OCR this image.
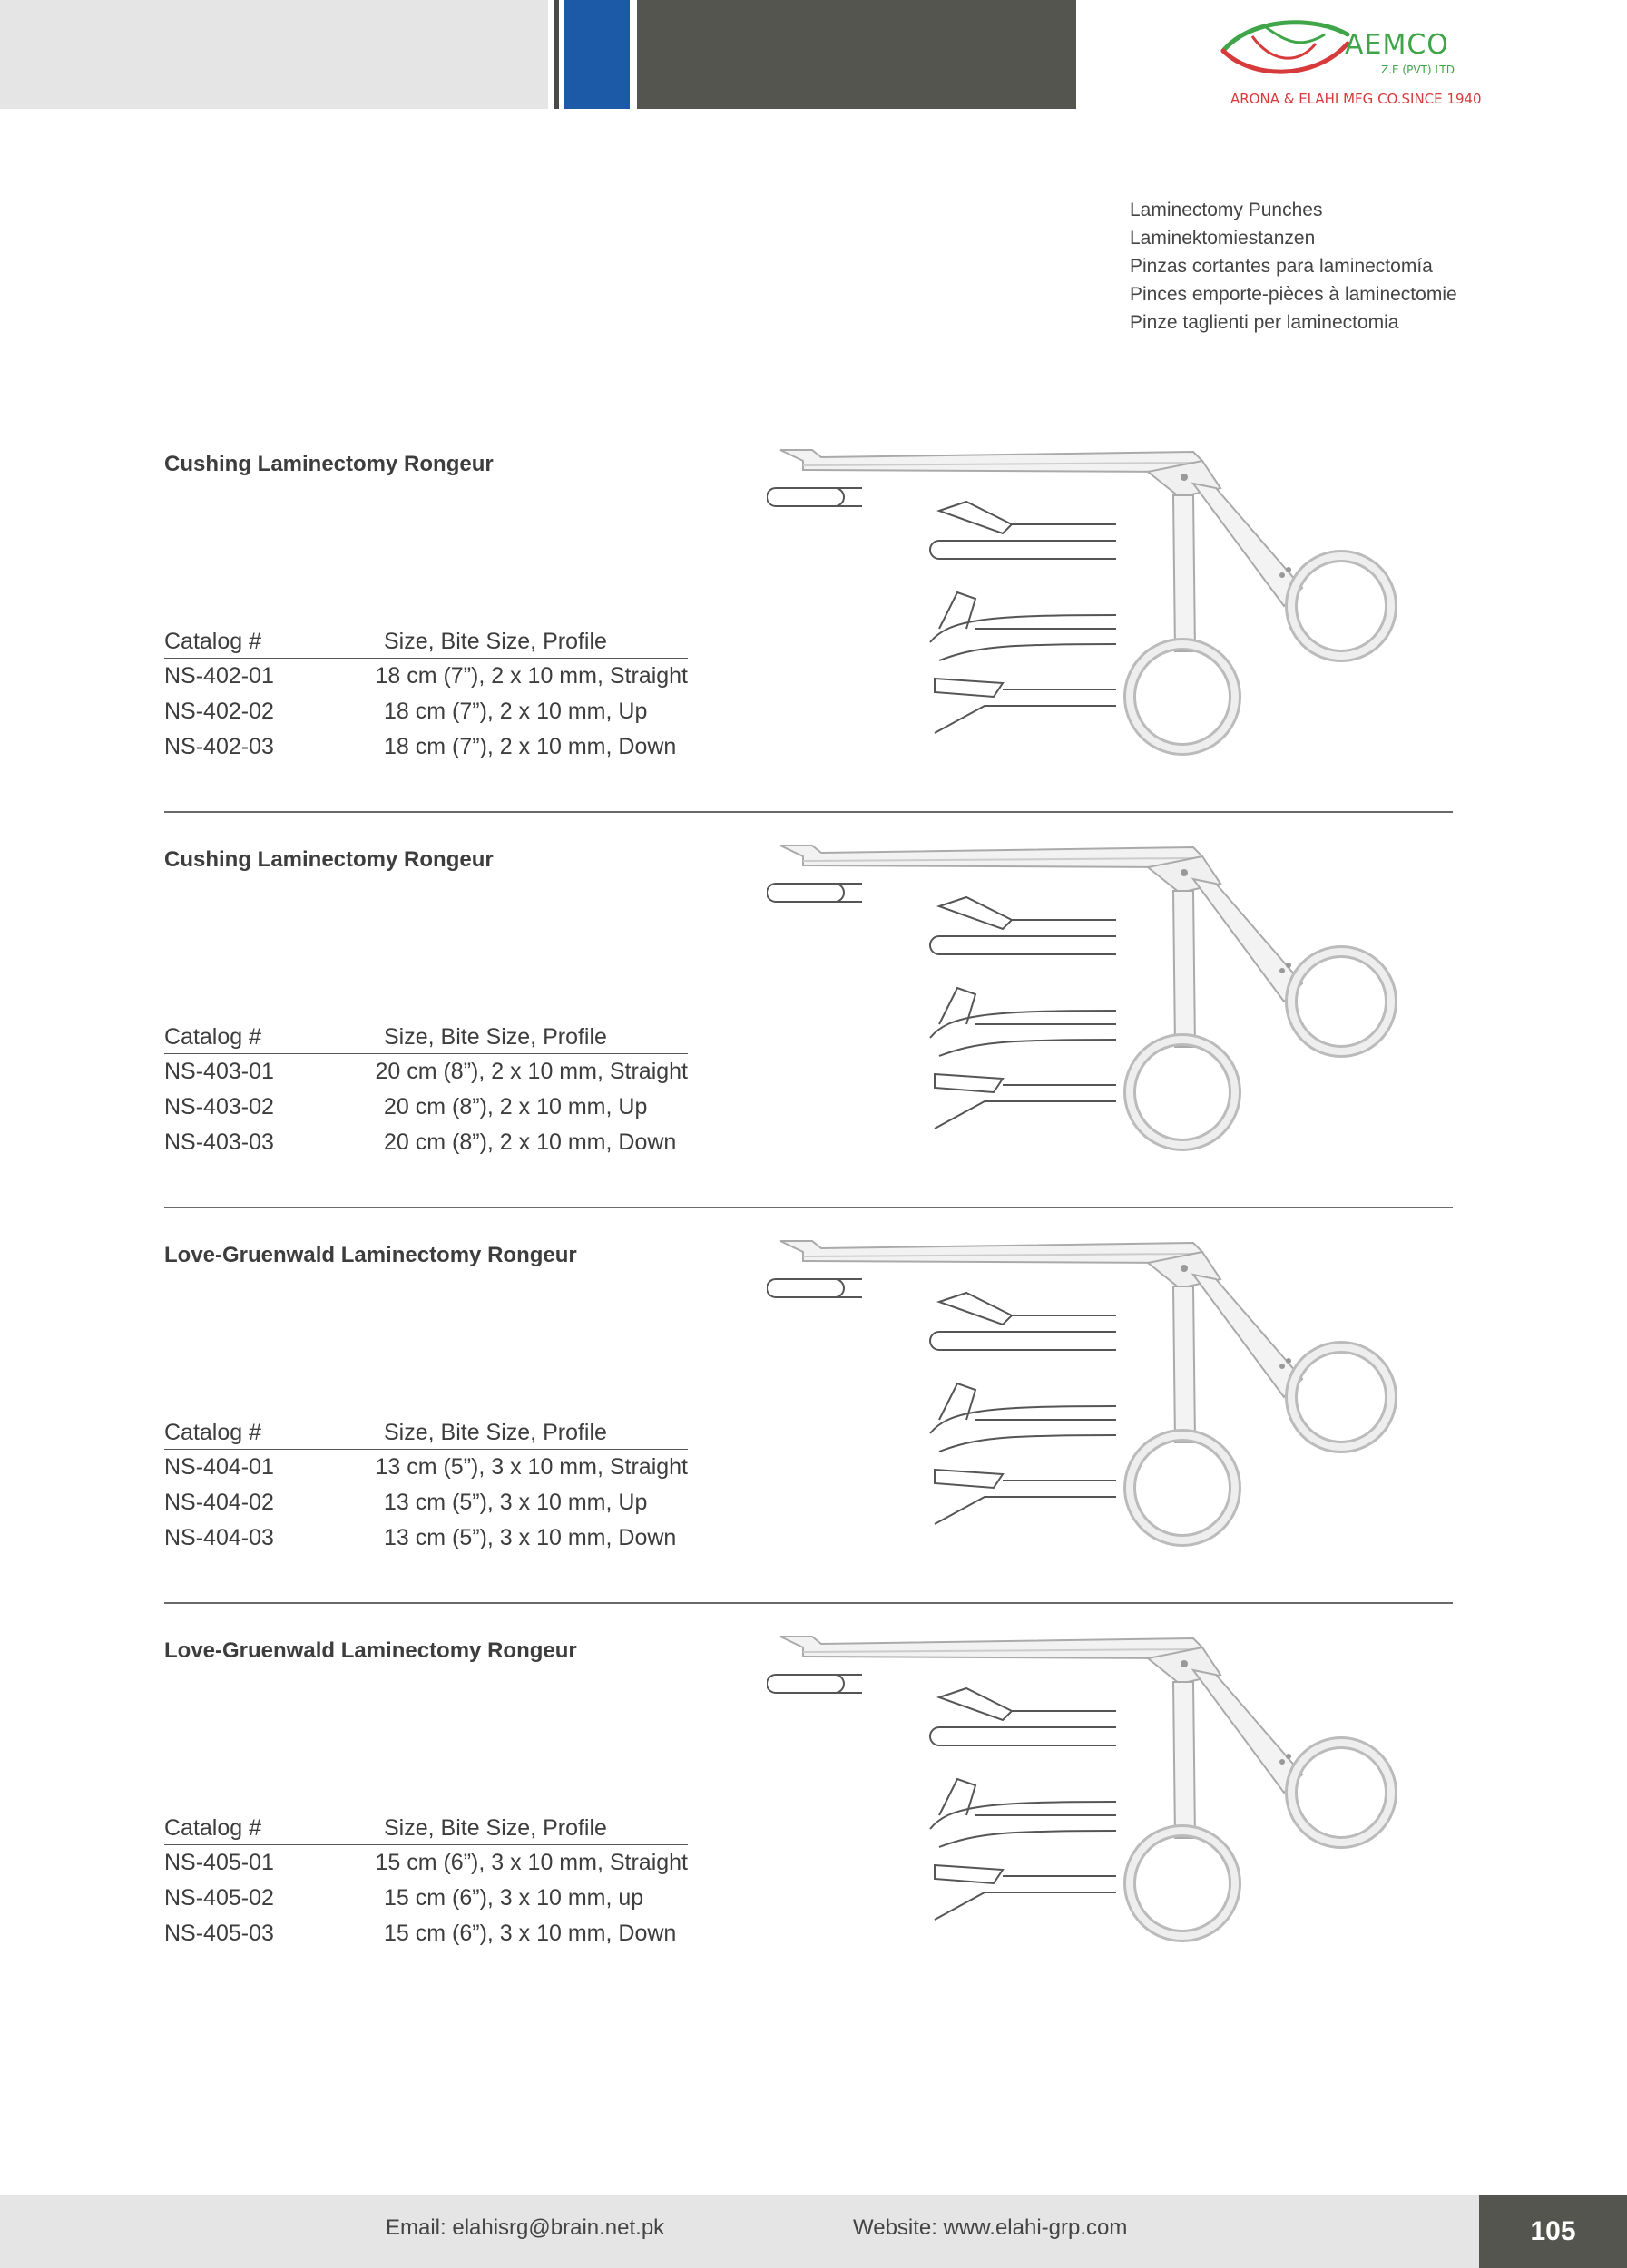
AEMCO
Z.E (PVT) LTD
ARONA & ELAHI MFG CO.SINCE 1940
Laminectomy Punches
Laminektomiestanzen
Pinzas cortantes para laminectomía
Pinces emporte-pièces à laminectomie
Pinze taglienti per laminectomia
Cushing Laminectomy Rongeur
Catalog #	Size, Bite Size, Profile
NS-402-01	18 cm (7”), 2 x 10 mm, Straight
NS-402-02	18 cm (7”), 2 x 10 mm, Up
NS-402-03	18 cm (7”), 2 x 10 mm, Down
Cushing Laminectomy Rongeur
Catalog #	Size, Bite Size, Profile
NS-403-01	20 cm (8”), 2 x 10 mm, Straight
NS-403-02	20 cm (8”), 2 x 10 mm, Up
NS-403-03	20 cm (8”), 2 x 10 mm, Down
Love-Gruenwald Laminectomy Rongeur
Catalog #	Size, Bite Size, Profile
NS-404-01	13 cm (5”), 3 x 10 mm, Straight
NS-404-02	13 cm (5”), 3 x 10 mm, Up
NS-404-03	13 cm (5”), 3 x 10 mm, Down
Love-Gruenwald Laminectomy Rongeur
Catalog #	Size, Bite Size, Profile
NS-405-01	15 cm (6”), 3 x 10 mm, Straight
NS-405-02	15 cm (6”), 3 x 10 mm, up
NS-405-03	15 cm (6”), 3 x 10 mm, Down
Email: elahisrg@brain.net.pk	Website: www.elahi-grp.com	105
